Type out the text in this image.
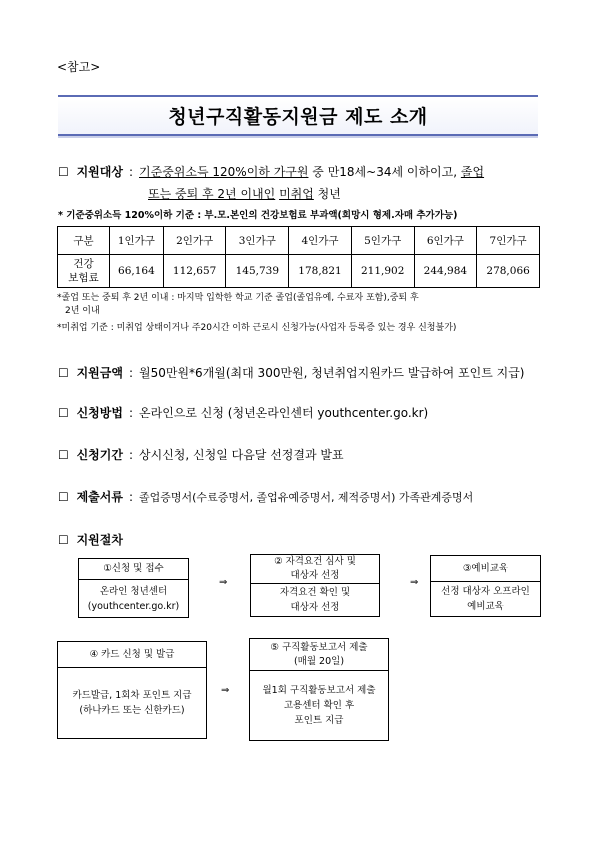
<참고>
청년구직활동지원금 제도 소개
☐ 지원대상 : 기준중위소득 120%이하 가구원 중 만18세~34세 이하이고, 졸업
또는 중퇴 후 2년 이내인 미취업 청년
* 기준중위소득 120%이하 기준 : 부.모.본인의 건강보험료 부과액(희망시 형제.자매 추가가능)
구분	1인가구	2인가구	3인가구	4인가구	5인가구	6인가구	7인가구

건강
보험료	66,164	112,657	145,739	178,821	211,902	244,984	278,066
*졸업 또는 중퇴 후 2년 이내 : 마지막 입학한 학교 기준 졸업(졸업유예, 수료자 포함),중퇴 후
2년 이내
*미취업 기준 : 미취업 상태이거나 주20시간 이하 근로시 신청가능(사업자 등록증 있는 경우 신청불가)
☐ 지원금액 : 월50만원*6개월(최대 300만원, 청년취업지원카드 발급하여 포인트 지급)
☐ 신청방법 : 온라인으로 신청 (청년온라인센터 youthcenter.go.kr)
☐ 신청기간 : 상시신청, 신청일 다음달 선정결과 발표
☐ 제출서류 : 졸업증명서(수료증명서, 졸업유예증명서, 제적증명서) 가족관계증명서
☐ 지원절차
①신청 및 접수
온라인 청년센터
(youthcenter.go.kr)
⇒
② 자격요건 심사 및
대상자 선정
자격요건 확인 및
대상자 선정
⇒
③예비교육
선정 대상자 오프라인
예비교육
④ 카드 신청 및 발급
카드발급, 1회차 포인트 지급
(하나카드 또는 신한카드)
⇒
⑤ 구직활동보고서 제출
(매월 20일)
월1회 구직활동보고서 제출
고용센터 확인 후
포인트 지급
